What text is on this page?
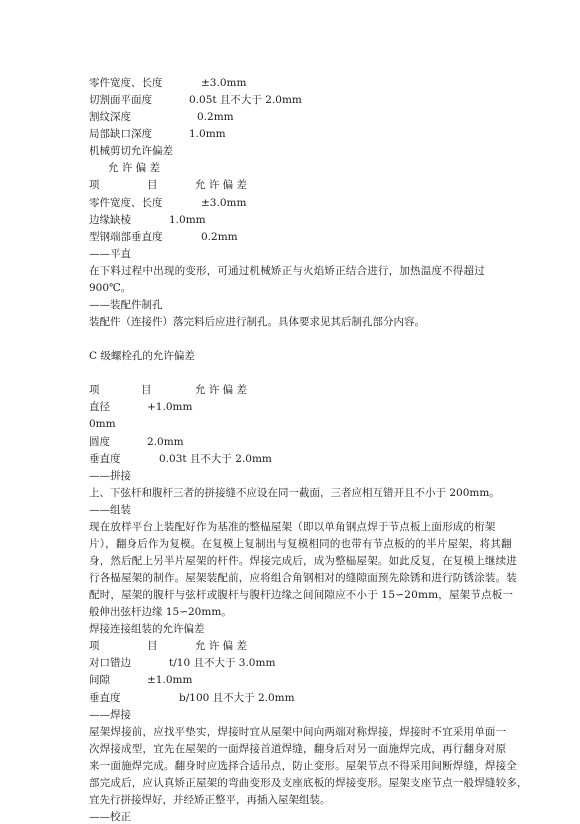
零件宽度、长度	±3.0mm
切割面平面度	0.05t 且不大于 2.0mm
割纹深度	0.2mm
局部缺口深度	1.0mm
机械剪切允许偏差
允 许 偏 差
项	目	允 许 偏 差
零件宽度、长度	±3.0mm
边缘缺棱	1.0mm
型钢端部垂直度	0.2mm
——平直
在下料过程中出现的变形，可通过机械矫正与火焰矫正结合进行，加热温度不得超过
900℃。
——装配件制孔
装配件（连接件）落完料后应进行制孔。具体要求见其后制孔部分内容。
C 级螺栓孔的允许偏差
项	目	允 许 偏 差
直径	+1.0mm
0mm
圆度	2.0mm
垂直度	0.03t 且不大于 2.0mm
——拼接
上、下弦杆和腹杆三者的拼接缝不应设在同一截面，三者应相互错开且不小于 200mm。
——组装
现在放样平台上装配好作为基准的整榀屋架（即以单角钢点焊于节点板上面形成的桁架
片），翻身后作为复模。在复模上复制出与复模相同的也带有节点板的的半片屋架，将其翻
身，然后配上另半片屋架的杆件。焊接完成后，成为整榀屋架。如此反复，在复模上继续进
行各榀屋架的制作。屋架装配前，应将组合角钢相对的缝隙面预先除锈和进行防锈涂装。装
配时，屋架的腹杆与弦杆或腹杆与腹杆边缘之间间隙应不小于 15∽20mm，屋架节点板一
般伸出弦杆边缘 15∽20mm。
焊接连接组装的允许偏差
项	目	允 许 偏 差
对口错边	t/10 且不大于 3.0mm
间隙	±1.0mm
垂直度	b/100 且不大于 2.0mm
——焊接
屋架焊接前，应找平垫实，焊接时宜从屋架中间向两端对称焊接，焊接时不宜采用单面一
次焊接成型，宜先在屋架的一面焊接首道焊缝，翻身后对另一面施焊完成，再行翻身对原
来一面施焊完成。翻身时应选择合适吊点，防止变形。屋架节点不得采用间断焊缝，焊接全
部完成后，应认真矫正屋架的弯曲变形及支座底板的焊接变形。屋架支座节点一般焊缝较多，
宜先行拼接焊好，并经矫正整平，再插入屋架组装。
——校正
